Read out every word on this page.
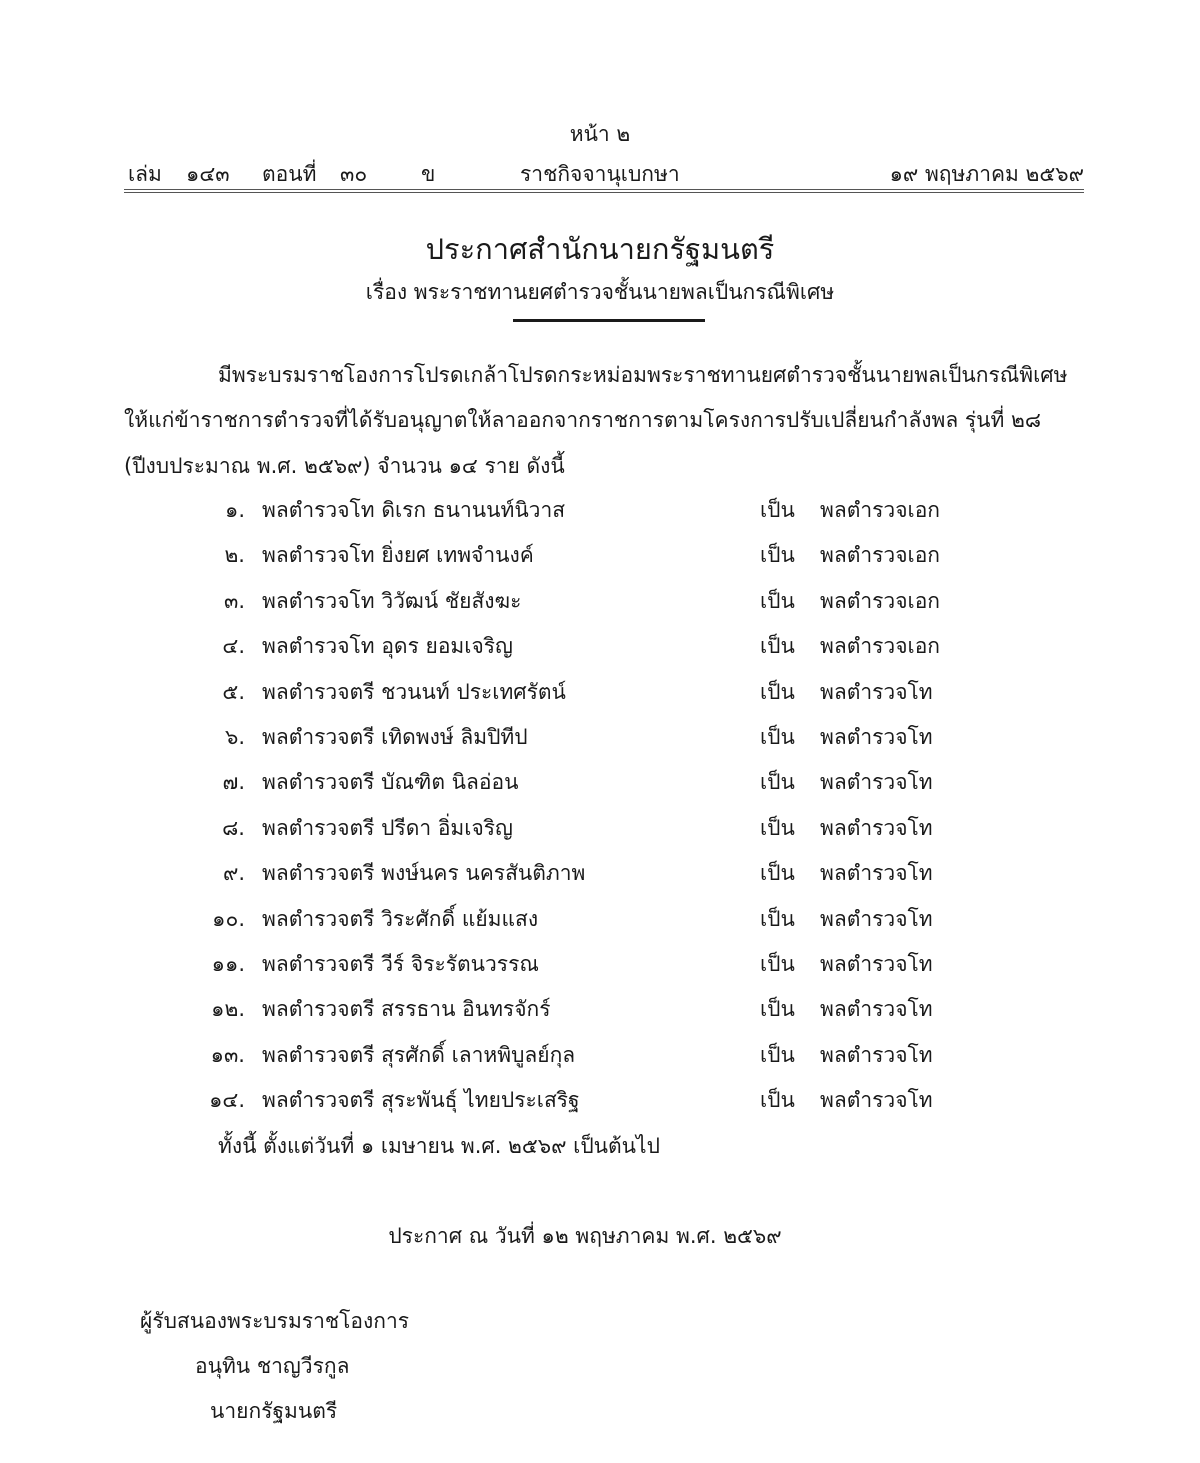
หน้า ๒
เล่ม ๑๔๓ ตอนที่ ๓๐	ข	ราชกิจจานุเบกษา	๑๙ พฤษภาคม ๒๕๖๙
ประกาศสำนักนายกรัฐมนตรี
เรื่อง พระราชทานยศตำรวจชั้นนายพลเป็นกรณีพิเศษ
มีพระบรมราชโองการโปรดเกล้าโปรดกระหม่อมพระราชทานยศตำรวจชั้นนายพลเป็นกรณีพิเศษ
ให้แก่ข้าราชการตำรวจที่ได้รับอนุญาตให้ลาออกจากราชการตามโครงการปรับเปลี่ยนกำลังพล รุ่นที่ ๒๘
(ปีงบประมาณ พ.ศ. ๒๕๖๙) จำนวน ๑๔ ราย ดังนี้
๑. พลตำรวจโท ดิเรก ธนานนท์นิวาส	เป็น พลตำรวจเอก
๒. พลตำรวจโท ยิ่งยศ เทพจำนงค์	เป็น พลตำรวจเอก
๓. พลตำรวจโท วิวัฒน์ ชัยสังฆะ	เป็น พลตำรวจเอก
๔. พลตำรวจโท อุดร ยอมเจริญ	เป็น พลตำรวจเอก
๕. พลตำรวจตรี ชวนนท์ ประเทศรัตน์	เป็น พลตำรวจโท
๖. พลตำรวจตรี เทิดพงษ์ ลิมปิทีป	เป็น พลตำรวจโท
๗. พลตำรวจตรี บัณฑิต นิลอ่อน	เป็น พลตำรวจโท
๘. พลตำรวจตรี ปรีดา อิ่มเจริญ	เป็น พลตำรวจโท
๙. พลตำรวจตรี พงษ์นคร นครสันติภาพ	เป็น พลตำรวจโท
๑๐. พลตำรวจตรี วิระศักดิ์ แย้มแสง	เป็น พลตำรวจโท
๑๑. พลตำรวจตรี วีร์ จิระรัตนวรรณ	เป็น พลตำรวจโท
๑๒. พลตำรวจตรี สรรธาน อินทรจักร์	เป็น พลตำรวจโท
๑๓. พลตำรวจตรี สุรศักดิ์ เลาหพิบูลย์กุล	เป็น พลตำรวจโท
๑๔. พลตำรวจตรี สุระพันธุ์ ไทยประเสริฐ	เป็น พลตำรวจโท
ทั้งนี้ ตั้งแต่วันที่ ๑ เมษายน พ.ศ. ๒๕๖๙ เป็นต้นไป
ประกาศ ณ วันที่ ๑๒ พฤษภาคม พ.ศ. ๒๕๖๙
ผู้รับสนองพระบรมราชโองการ
อนุทิน ชาญวีรกูล
นายกรัฐมนตรี
